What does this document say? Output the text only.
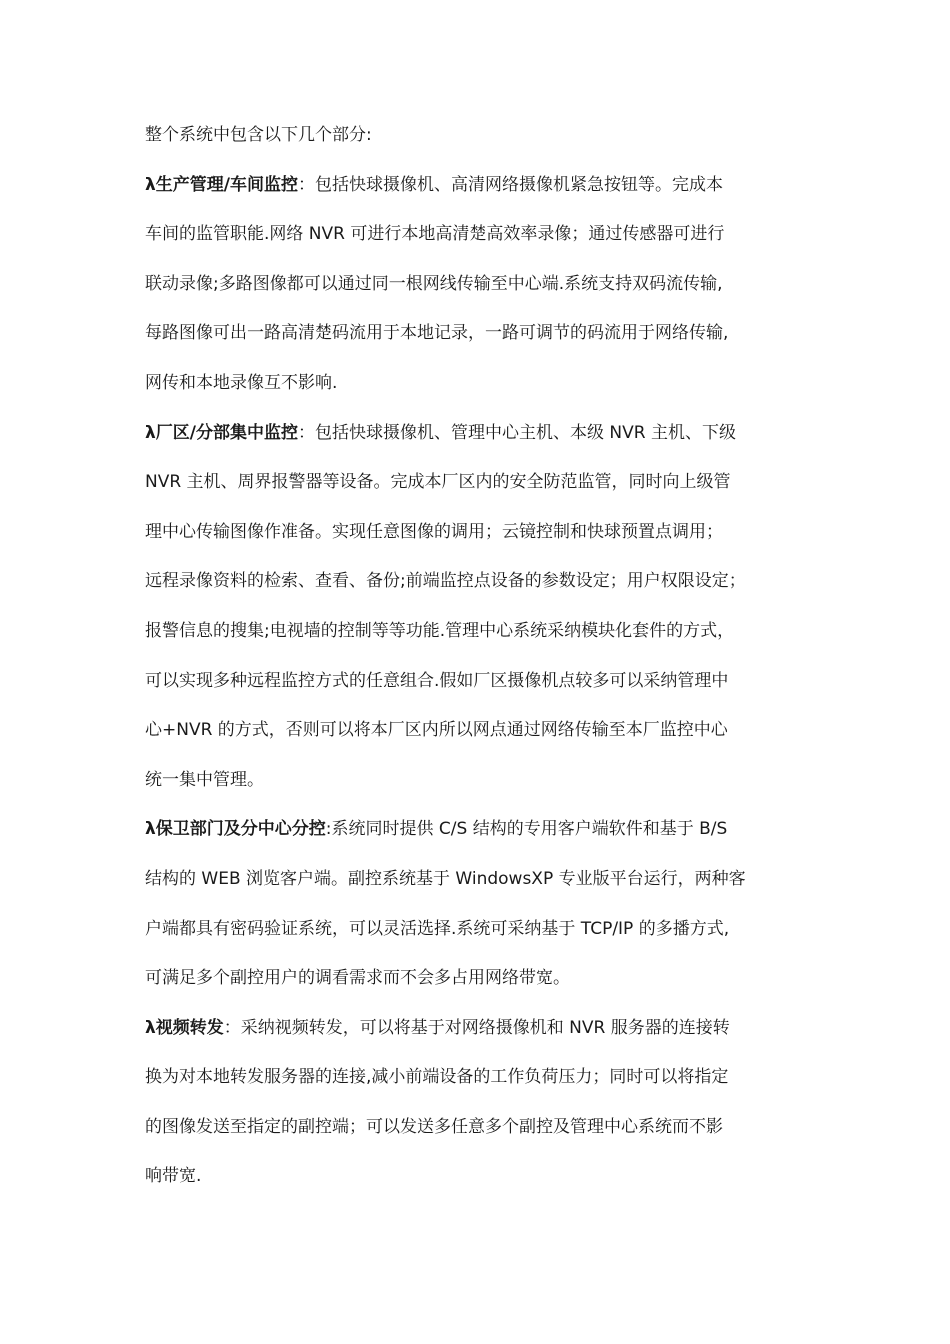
整个系统中包含以下几个部分:
λ生产管理/车间监控：包括快球摄像机、高清网络摄像机紧急按钮等。完成本
车间的监管职能.网络 NVR 可进行本地高清楚高效率录像；通过传感器可进行
联动录像;多路图像都可以通过同一根网线传输至中心端.系统支持双码流传输,
每路图像可出一路高清楚码流用于本地记录，一路可调节的码流用于网络传输,
网传和本地录像互不影响.
λ厂区/分部集中监控：包括快球摄像机、管理中心主机、本级 NVR 主机、下级
NVR 主机、周界报警器等设备。完成本厂区内的安全防范监管，同时向上级管
理中心传输图像作准备。实现任意图像的调用；云镜控制和快球预置点调用；
远程录像资料的检索、查看、备份;前端监控点设备的参数设定；用户权限设定；
报警信息的搜集;电视墙的控制等等功能.管理中心系统采纳模块化套件的方式，
可以实现多种远程监控方式的任意组合.假如厂区摄像机点较多可以采纳管理中
心+NVR 的方式，否则可以将本厂区内所以网点通过网络传输至本厂监控中心
统一集中管理。
λ保卫部门及分中心分控:系统同时提供 C/S 结构的专用客户端软件和基于 B/S
结构的 WEB 浏览客户端。副控系统基于 WindowsXP 专业版平台运行，两种客
户端都具有密码验证系统，可以灵活选择.系统可采纳基于 TCP/IP 的多播方式,
可满足多个副控用户的调看需求而不会多占用网络带宽。
λ视频转发：采纳视频转发，可以将基于对网络摄像机和 NVR 服务器的连接转
换为对本地转发服务器的连接,减小前端设备的工作负荷压力；同时可以将指定
的图像发送至指定的副控端；可以发送多任意多个副控及管理中心系统而不影
响带宽.
